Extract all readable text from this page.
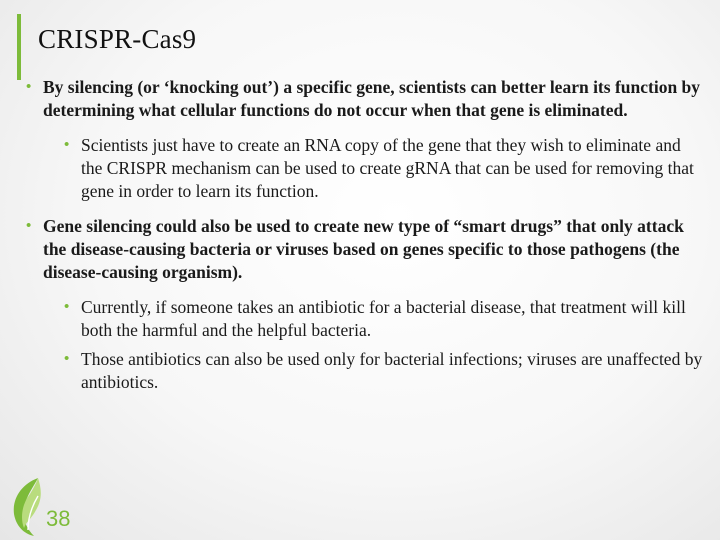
CRISPR-Cas9

• By silencing (or ‘knocking out’) a specific gene, scientists can better learn its function by determining what cellular functions do not occur when that gene is eliminated.

• Scientists just have to create an RNA copy of the gene that they wish to eliminate and the CRISPR mechanism can be used to create gRNA that can be used for removing that gene in order to learn its function.

• Gene silencing could also be used to create new type of “smart drugs” that only attack the disease-causing bacteria or viruses based on genes specific to those pathogens (the disease-causing organism).

• Currently, if someone takes an antibiotic for a bacterial disease, that treatment will kill both the harmful and the helpful bacteria.

• Those antibiotics can also be used only for bacterial infections; viruses are unaffected by antibiotics.

38
